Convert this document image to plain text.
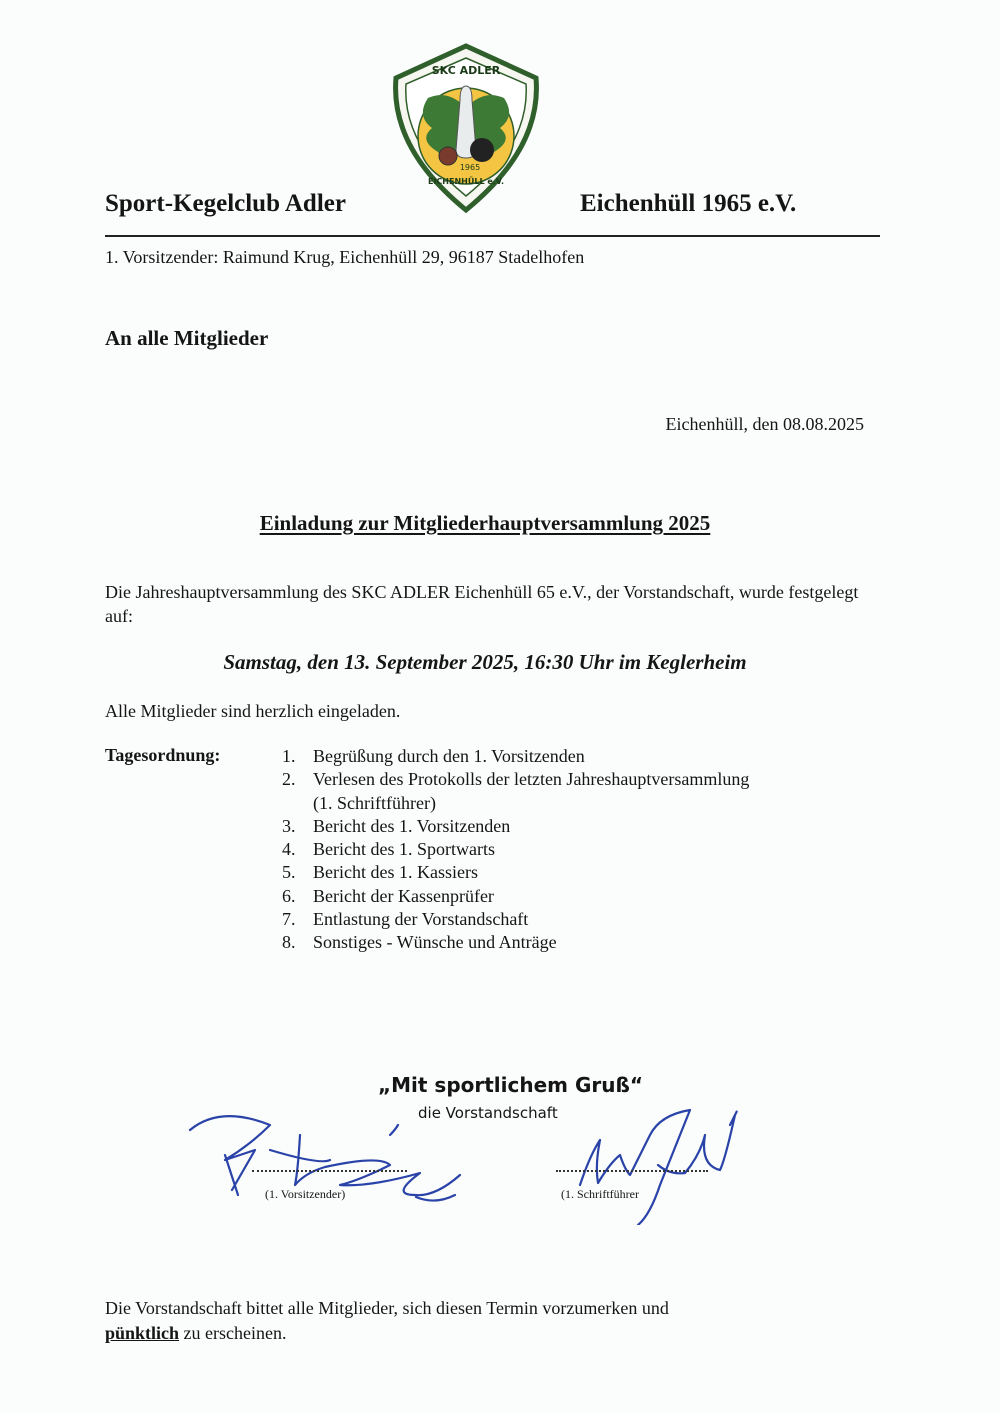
SKC ADLER
1965
EICHENHÜLL e.V.
Sport-Kegelclub Adler	Eichenhüll 1965 e.V.
1. Vorsitzender: Raimund Krug, Eichenhüll 29, 96187 Stadelhofen
An alle Mitglieder
Eichenhüll, den 08.08.2025
Einladung zur Mitgliederhauptversammlung 2025
Die Jahreshauptversammlung des SKC ADLER Eichenhüll 65 e.V., der Vorstandschaft, wurde festgelegt auf:
Samstag, den 13. September 2025, 16:30 Uhr im Keglerheim
Alle Mitglieder sind herzlich eingeladen.
Tagesordnung:	1. Begrüßung durch den 1. Vorsitzenden
2. Verlesen des Protokolls der letzten Jahreshauptversammlung
(1. Schriftführer)
3. Bericht des 1. Vorsitzenden
4. Bericht des 1. Sportwarts
5. Bericht des 1. Kassiers
6. Bericht der Kassenprüfer
7. Entlastung der Vorstandschaft
8. Sonstiges - Wünsche und Anträge
„Mit sportlichem Gruß“
die Vorstandschaft
(1. Vorsitzender)	(1. Schriftführer
Die Vorstandschaft bittet alle Mitglieder, sich diesen Termin vorzumerken und
pünktlich zu erscheinen.
